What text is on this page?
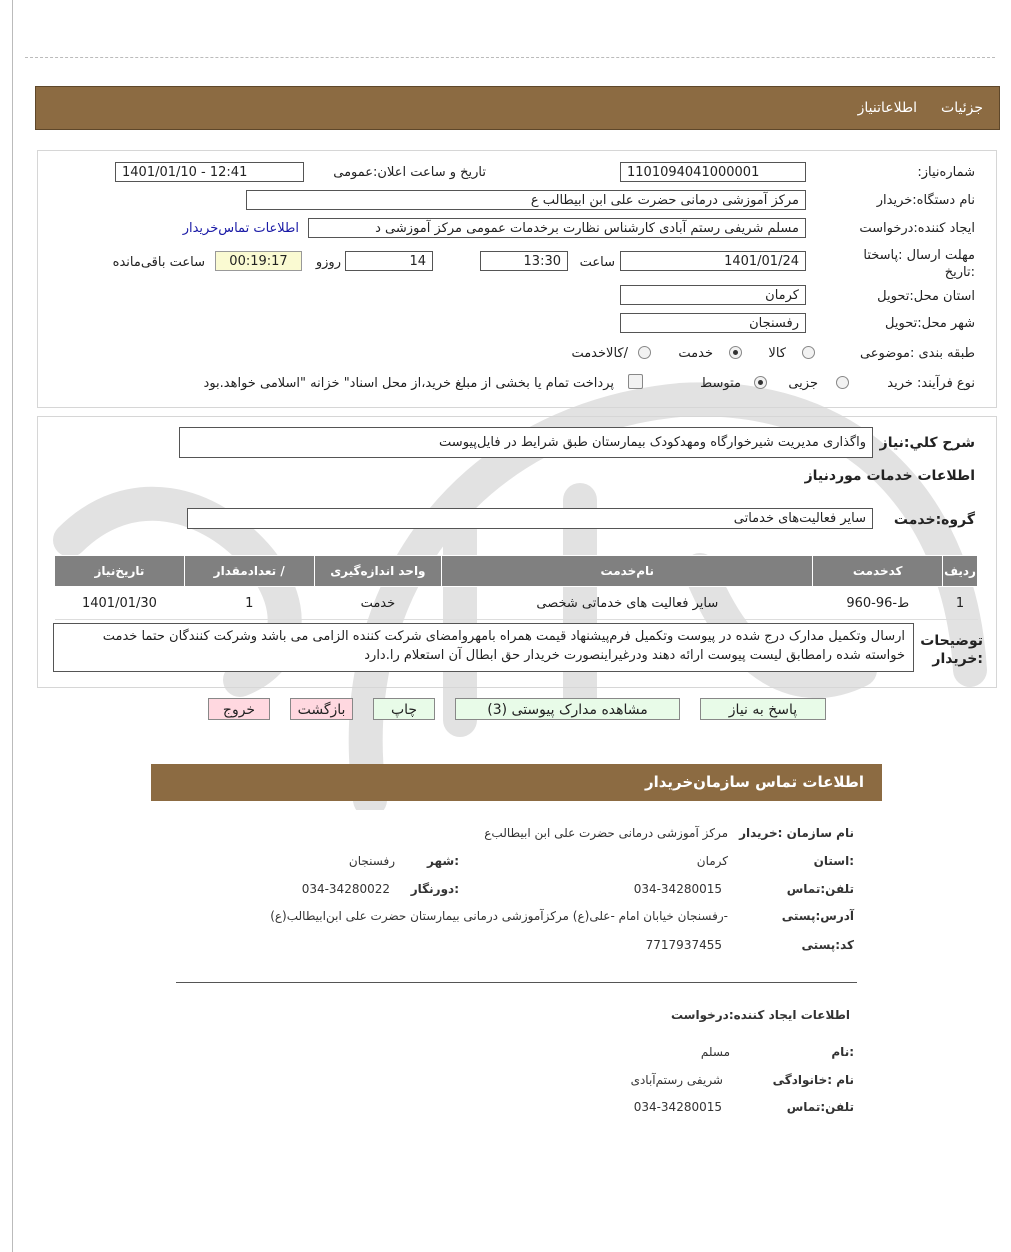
جزئیات
اطلاعاتنیاز
شماره‌نیاز:
1101094041000001
تاریخ و ساعت اعلان:عمومی
1401/01/10 - 12:41
نام دستگاه:خریدار
مرکز آموزشی درمانی حضرت علی ابن ابیطالب ع
ایجاد کننده:درخواست
مسلم شریفی رستم آبادی کارشناس نظارت برخدمات عمومی مرکز آموزشی د
اطلاعات تماس‌خریدار
مهلت ارسال :پاسختا :تاریخ
1401/01/24
ساعت
13:30
14
روزو
00:19:17
ساعت باقی‌مانده
استان محل:تحویل
کرمان
شهر محل:تحویل
رفسنجان
طبقه بندی :موضوعی
کالا
خدمت
/کالاخدمت
نوع فرآیند: خرید
جزیی
متوسط
پرداخت تمام یا بخشی از مبلغ خرید،از محل اسناد" خزانه "اسلامی خواهد.بود
شرح كلي:نياز
واگذاری مدیریت شیرخوارگاه ومهدکودک بیمارستان طبق شرایط در فایل‌پیوست
اطلاعات خدمات موردنیاز
گروه:خدمت
سایر فعالیت‌های خدماتی
ردیف	کدخدمت	نام‌خدمت	واحد اندازه‌گیری	/ تعدادمقدار	تاریخ‌نیاز
1	ط-96-960	سایر فعالیت های خدماتی شخصی	خدمت	1	1401/01/30
توضیحات :خریدار
ارسال وتکمیل مدارک درج شده در پیوست وتکمیل فرم‌پیشنهاد قیمت همراه بامهروامضای شرکت کننده الزامی می باشد وشرکت کنندگان حتما خدمت خواسته شده رامطابق لیست پیوست ارائه دهند ودرغیراینصورت خریدار حق ابطال آن استعلام را.دارد
پاسخ به نیاز
مشاهده مدارک پیوستی (3)
چاپ
بازگشت
خروج
اطلاعات تماس سازمان‌خریدار
نام سازمان :خریدار
مرکز آموزشی درمانی حضرت علی ابن ابیطالب‌ع
:استان
کرمان
:شهر
رفسنجان
تلفن:تماس
034-34280015
:دورنگار
034-34280022
آدرس:پستی
-رفسنجان خیابان امام -علی(ع) مرکزآموزشی درمانی بیمارستان حضرت علی ابن‌ابیطالب(ع)
کد:پستی
7717937455
اطلاعات ایجاد کننده:درخواست
:نام
مسلم
نام :خانوادگی
شریفی رستم‌آبادی
تلفن:تماس
034-34280015
